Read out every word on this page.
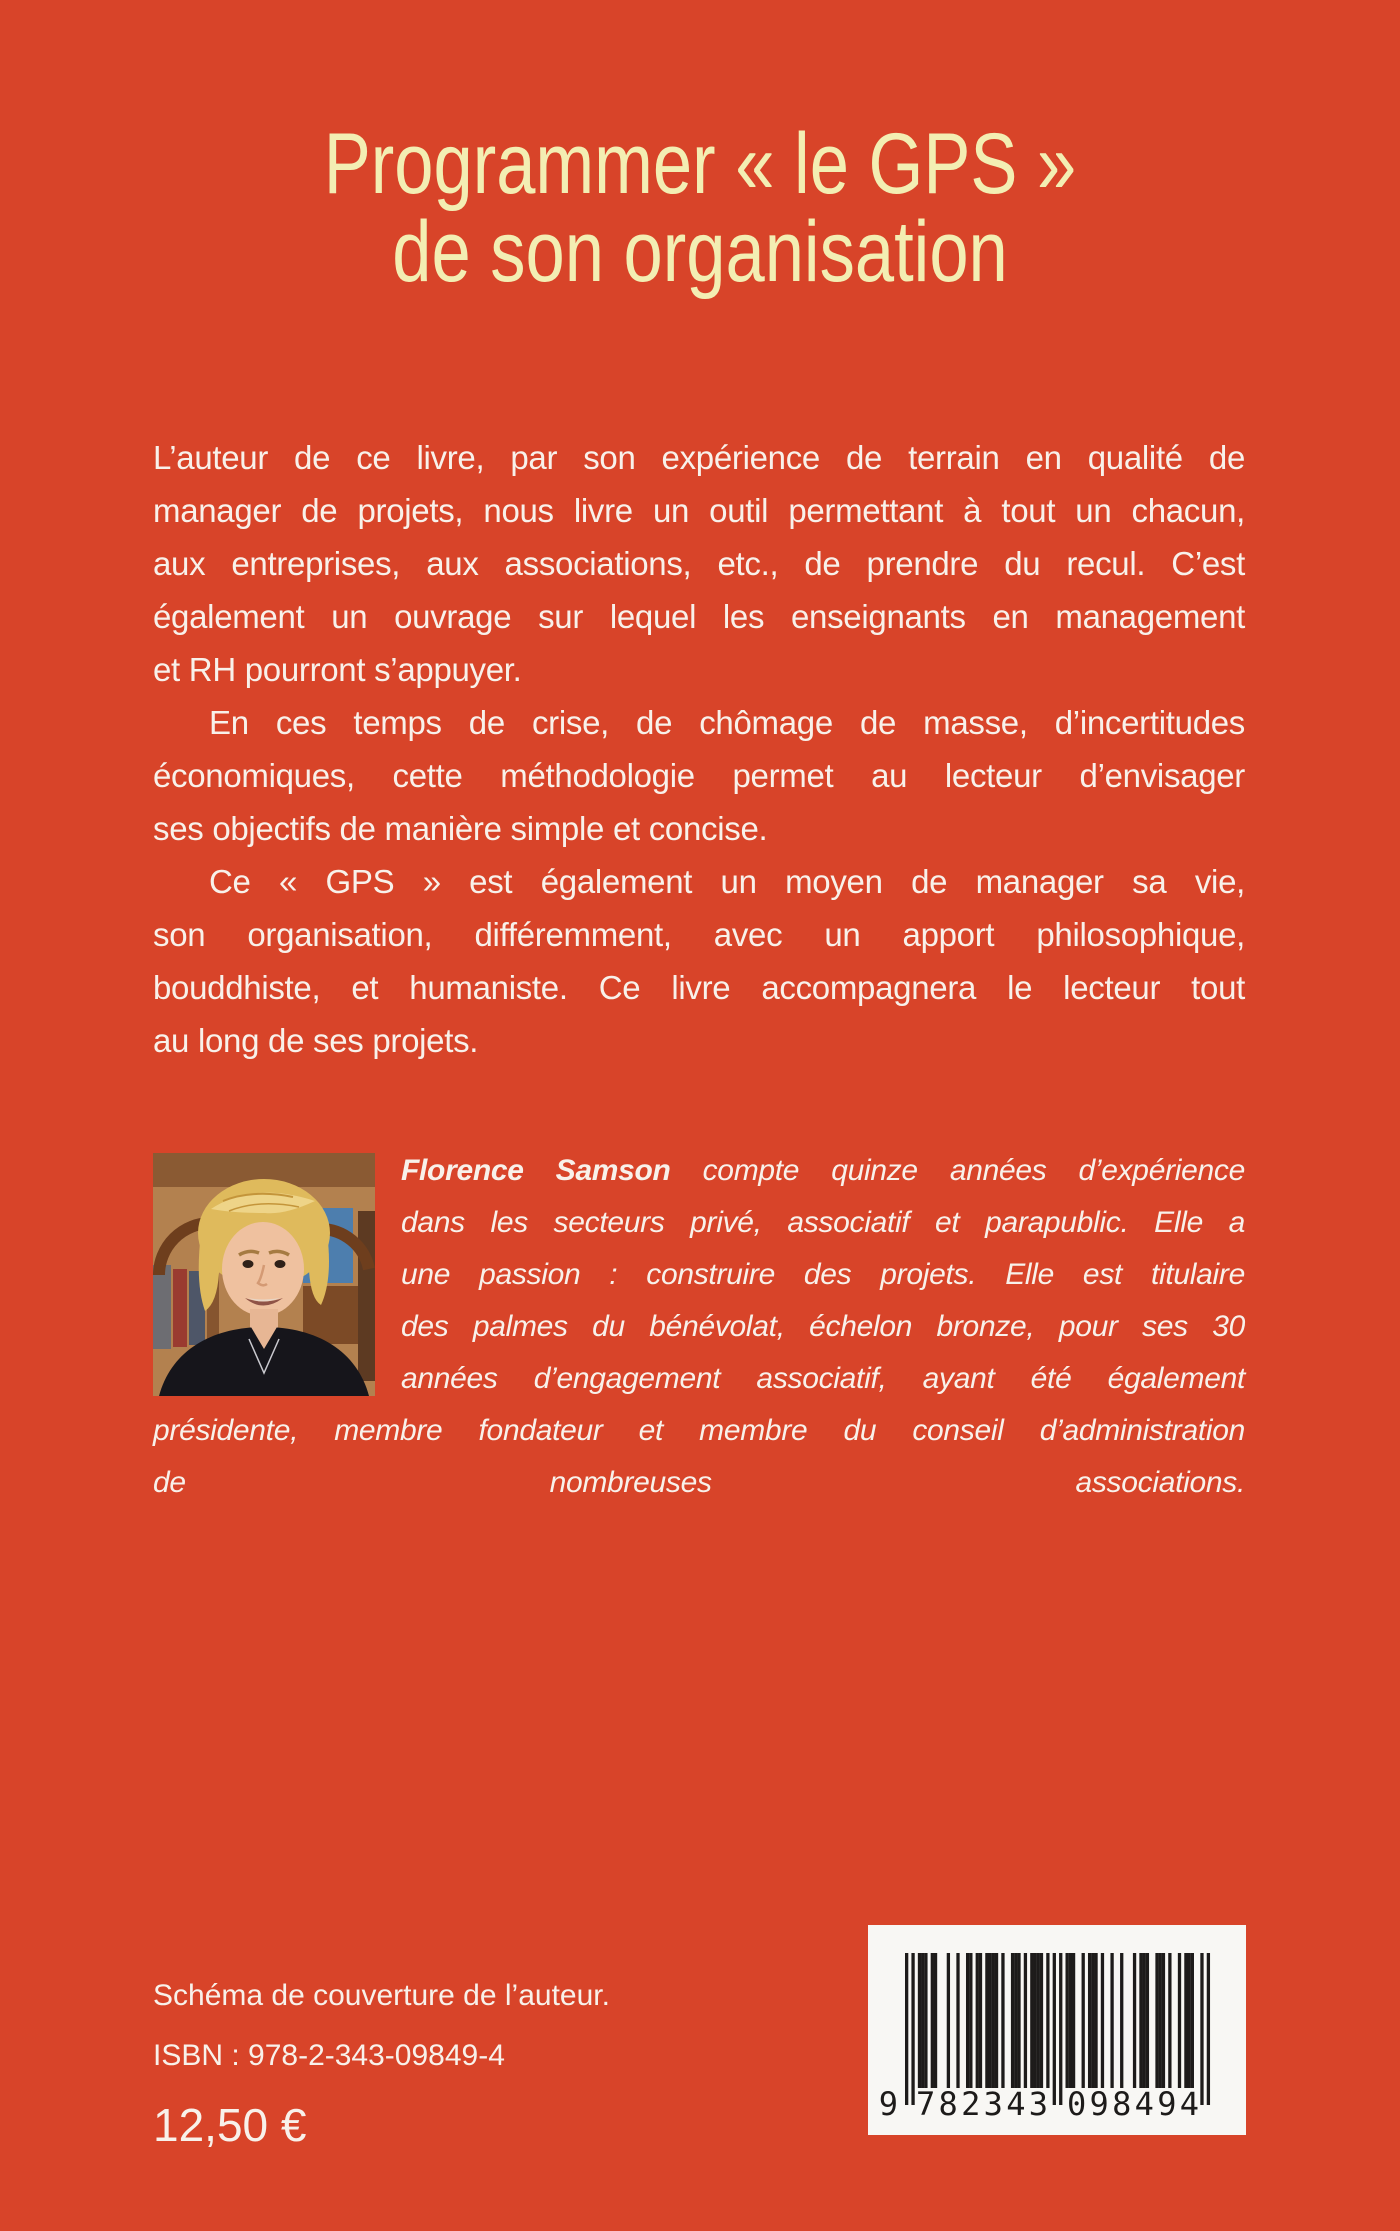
Programmer « le GPS »
de son organisation
L’auteur de ce livre, par son expérience de terrain en qualité de
manager de projets, nous livre un outil permettant à tout un chacun,
aux entreprises, aux associations, etc., de prendre du recul. C’est
également un ouvrage sur lequel les enseignants en management
et RH pourront s’appuyer.
En ces temps de crise, de chômage de masse, d’incertitudes
économiques, cette méthodologie permet au lecteur d’envisager
ses objectifs de manière simple et concise.
Ce « GPS » est également un moyen de manager sa vie,
son organisation, différemment, avec un apport philosophique,
bouddhiste, et humaniste. Ce livre accompagnera le lecteur tout
au long de ses projets.
Florence Samson compte quinze années d’expérience
dans les secteurs privé, associatif et parapublic. Elle a
une passion : construire des projets. Elle est titulaire
des palmes du bénévolat, échelon bronze, pour ses 30
années d’engagement associatif, ayant été également
présidente, membre fondateur et membre du conseil d’administration
de nombreuses associations.
Schéma de couverture de l’auteur.
ISBN : 978-2-343-09849-4
12,50 €	9 782343 098494
